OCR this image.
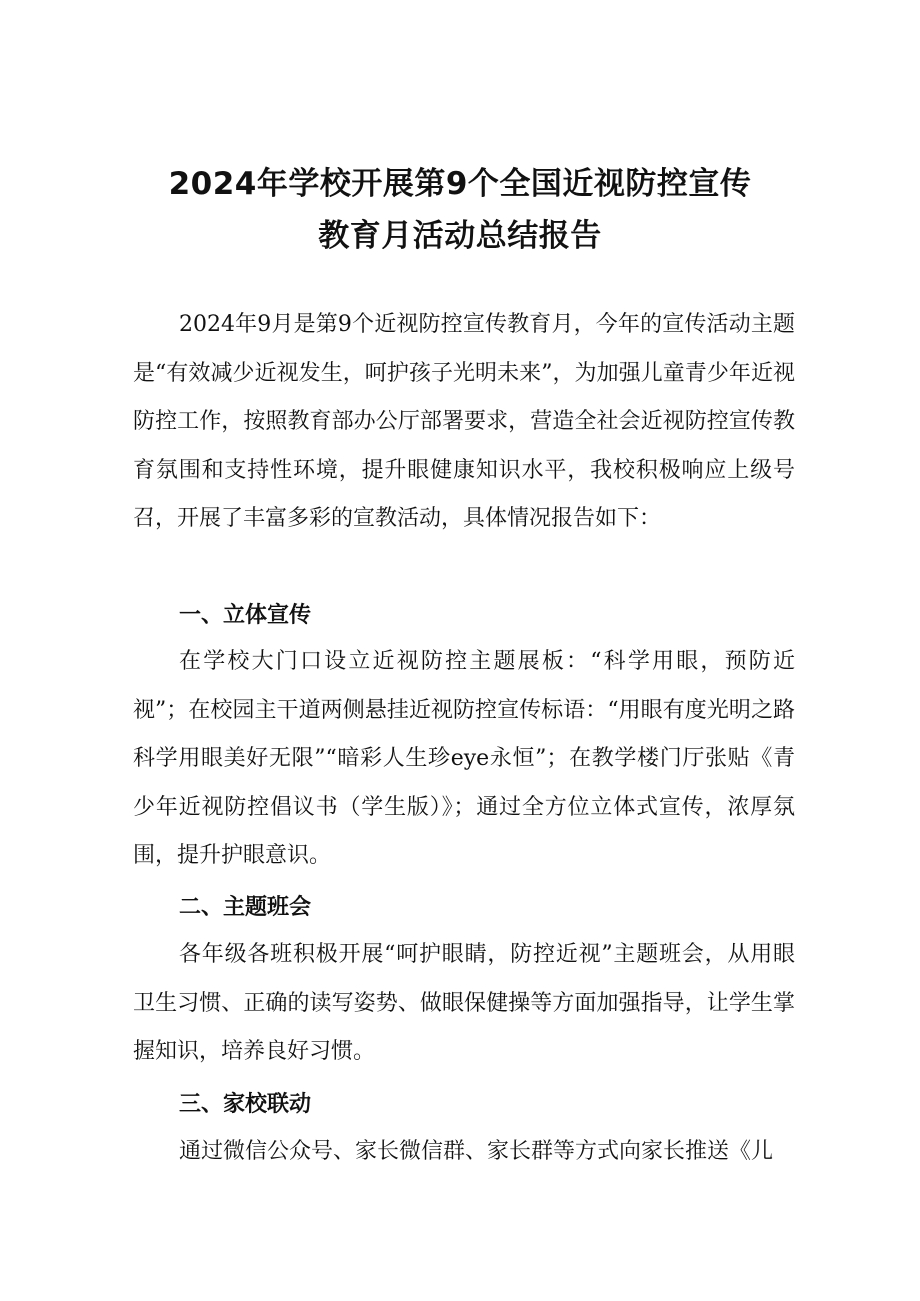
2024年学校开展第9个全国近视防控宣传
教育月活动总结报告

2024年9月是第9个近视防控宣传教育月，今年的宣传活动主题是“有效减少近视发生，呵护孩子光明未来”，为加强儿童青少年近视防控工作，按照教育部办公厅部署要求，营造全社会近视防控宣传教育氛围和支持性环境，提升眼健康知识水平，我校积极响应上级号召，开展了丰富多彩的宣教活动，具体情况报告如下：

一、立体宣传

在学校大门口设立近视防控主题展板：“科学用眼，预防近视”；在校园主干道两侧悬挂近视防控宣传标语：“用眼有度光明之路科学用眼美好无限”“暗彩人生珍eye永恒”；在教学楼门厅张贴《青少年近视防控倡议书（学生版）》；通过全方位立体式宣传，浓厚氛围，提升护眼意识。

二、主题班会

各年级各班积极开展“呵护眼睛，防控近视”主题班会，从用眼卫生习惯、正确的读写姿势、做眼保健操等方面加强指导，让学生掌握知识，培养良好习惯。

三、家校联动

通过微信公众号、家长微信群、家长群等方式向家长推送《儿
